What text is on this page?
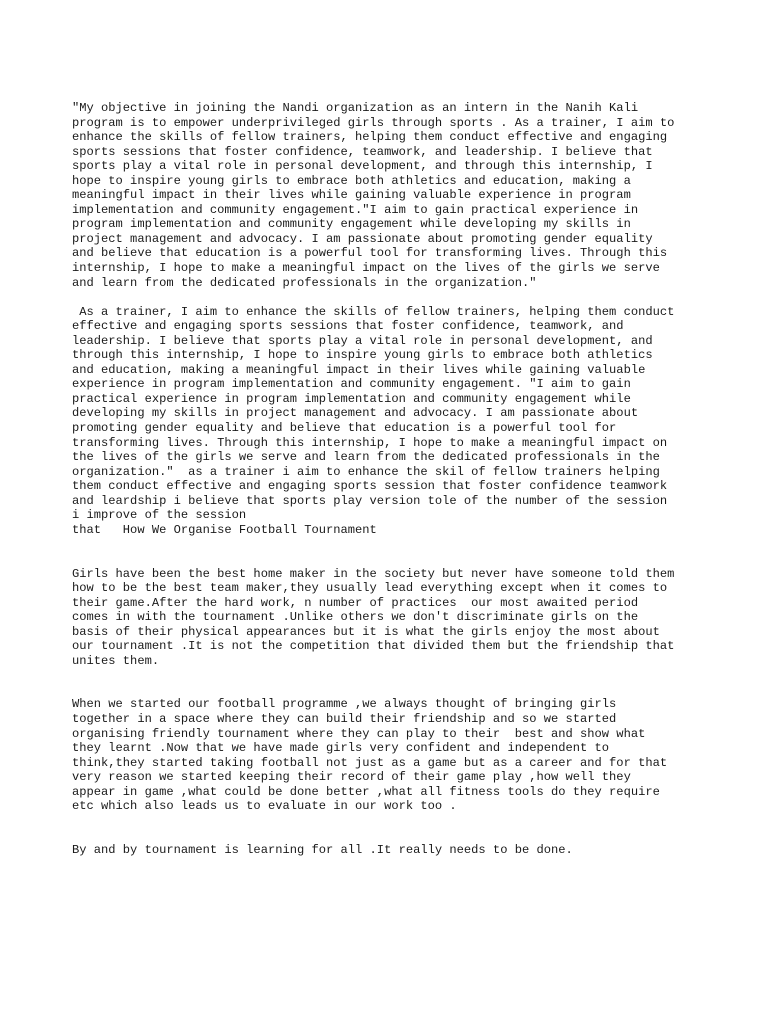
"My objective in joining the Nandi organization as an intern in the Nanih Kali
program is to empower underprivileged girls through sports . As a trainer, I aim to
enhance the skills of fellow trainers, helping them conduct effective and engaging
sports sessions that foster confidence, teamwork, and leadership. I believe that
sports play a vital role in personal development, and through this internship, I
hope to inspire young girls to embrace both athletics and education, making a
meaningful impact in their lives while gaining valuable experience in program
implementation and community engagement."I aim to gain practical experience in
program implementation and community engagement while developing my skills in
project management and advocacy. I am passionate about promoting gender equality
and believe that education is a powerful tool for transforming lives. Through this
internship, I hope to make a meaningful impact on the lives of the girls we serve
and learn from the dedicated professionals in the organization."
As a trainer, I aim to enhance the skills of fellow trainers, helping them conduct
effective and engaging sports sessions that foster confidence, teamwork, and
leadership. I believe that sports play a vital role in personal development, and
through this internship, I hope to inspire young girls to embrace both athletics
and education, making a meaningful impact in their lives while gaining valuable
experience in program implementation and community engagement. "I aim to gain
practical experience in program implementation and community engagement while
developing my skills in project management and advocacy. I am passionate about
promoting gender equality and believe that education is a powerful tool for
transforming lives. Through this internship, I hope to make a meaningful impact on
the lives of the girls we serve and learn from the dedicated professionals in the
organization."  as a trainer i aim to enhance the skil of fellow trainers helping
them conduct effective and engaging sports session that foster confidence teamwork
and leardship i believe that sports play version tole of the number of the session
i improve of the session
that   How We Organise Football Tournament
Girls have been the best home maker in the society but never have someone told them
how to be the best team maker,they usually lead everything except when it comes to
their game.After the hard work, n number of practices  our most awaited period
comes in with the tournament .Unlike others we don't discriminate girls on the
basis of their physical appearances but it is what the girls enjoy the most about
our tournament .It is not the competition that divided them but the friendship that
unites them.
When we started our football programme ,we always thought of bringing girls
together in a space where they can build their friendship and so we started
organising friendly tournament where they can play to their  best and show what
they learnt .Now that we have made girls very confident and independent to
think,they started taking football not just as a game but as a career and for that
very reason we started keeping their record of their game play ,how well they
appear in game ,what could be done better ,what all fitness tools do they require
etc which also leads us to evaluate in our work too .
By and by tournament is learning for all .It really needs to be done.
